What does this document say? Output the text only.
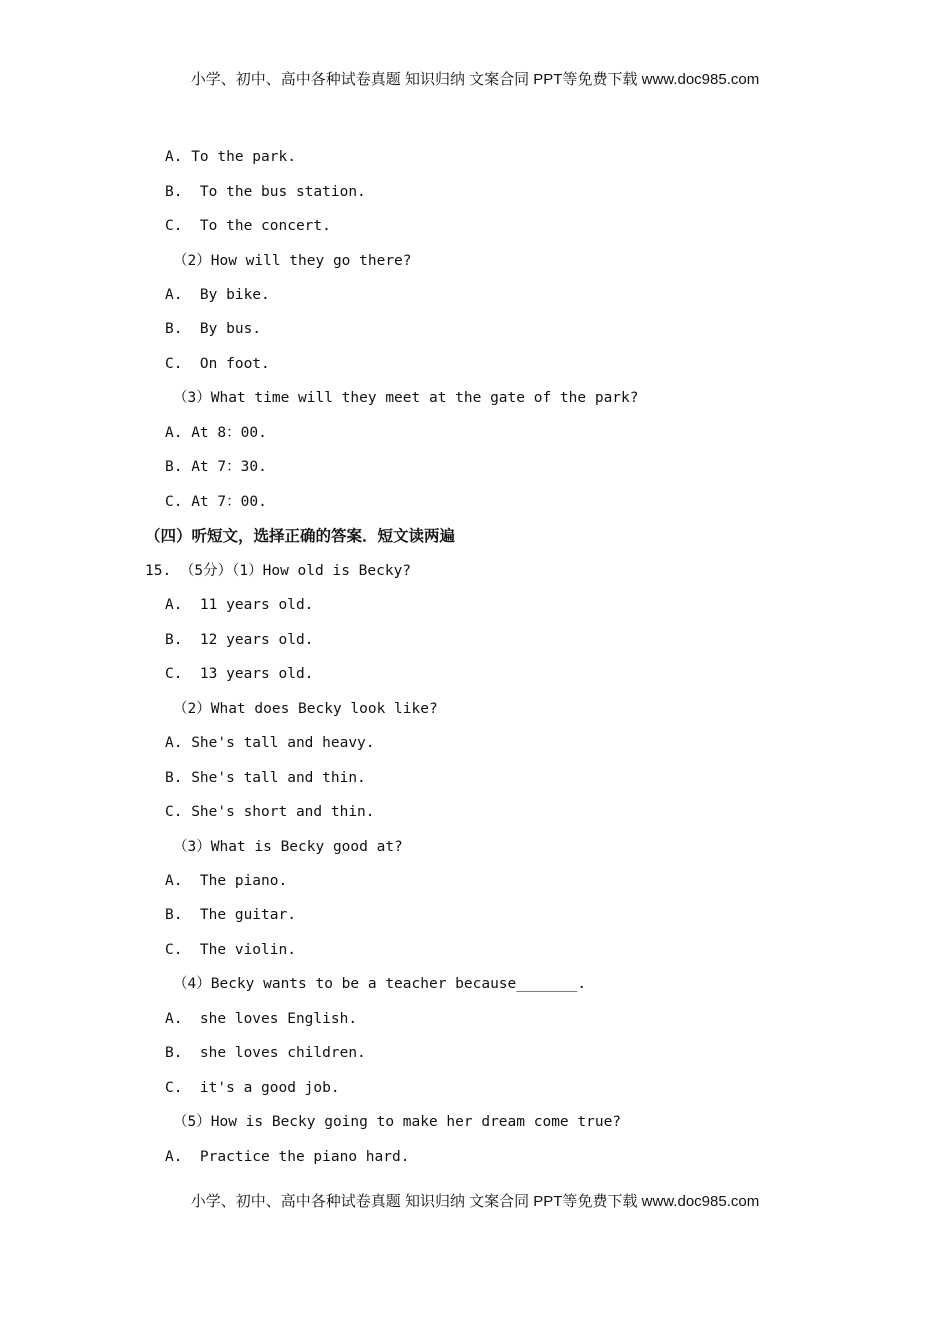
小学、初中、高中各种试卷真题 知识归纳 文案合同 PPT等免费下载 www.doc985.com
A. To the park.
B.  To the bus station.
C.  To the concert.
（2）How will they go there?
A.  By bike.
B.  By bus.
C.  On foot.
（3）What time will they meet at the gate of the park?
A. At 8：00.
B. At 7：30.
C. At 7：00.
（四）听短文，选择正确的答案．短文读两遍
15. （5分）（1）How old is Becky?
A.  11 years old.
B.  12 years old.
C.  13 years old.
（2）What does Becky look like?
A. She's tall and heavy.
B. She's tall and thin.
C. She's short and thin.
（3）What is Becky good at?
A.  The piano.
B.  The guitar.
C.  The violin.
（4）Becky wants to be a teacher because_______.
A.  she loves English.
B.  she loves children.
C.  it's a good job.
（5）How is Becky going to make her dream come true?
A.  Practice the piano hard.
小学、初中、高中各种试卷真题 知识归纳 文案合同 PPT等免费下载 www.doc985.com
